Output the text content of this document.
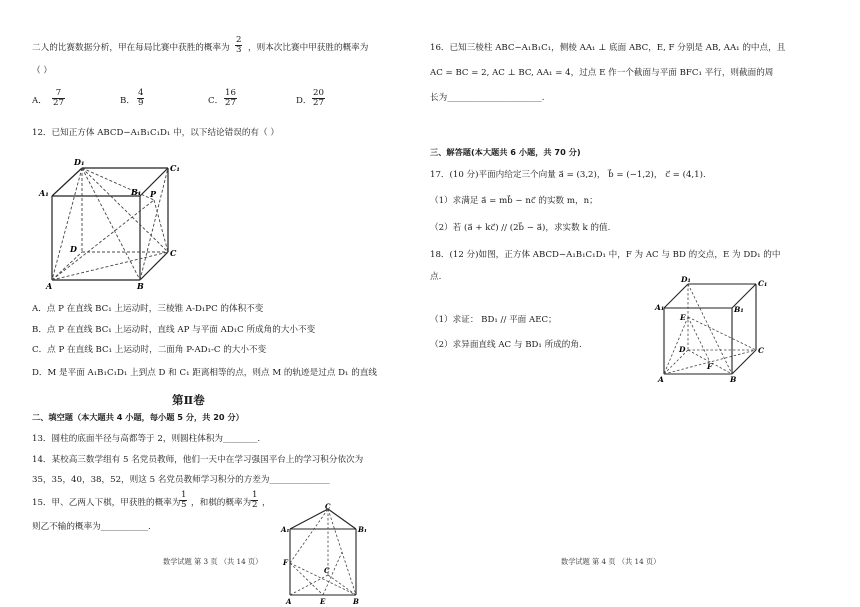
二人的比赛数据分析，甲在每局比赛中获胜的概率为 $\frac{2}{3}$ ，则本次比赛中甲获胜的概率为
（ ）
A． $\frac{7}{27}$	B． $\frac{4}{9}$	C． $\frac{16}{27}$	D． $\frac{20}{27}$
12．已知正方体 ABCD−A₁B₁C₁D₁ 中，以下结论错误的有（ ）
D₁
C₁
A₁	B₁ P
D	C
A	B
A．点 P 在直线 BC₁ 上运动时，三棱锥 A-D₁PC 的体积不变
B．点 P 在直线 BC₁ 上运动时，直线 AP 与平面 AD₁C 所成角的大小不变
C．点 P 在直线 BC₁ 上运动时，二面角 P-AD₁-C 的大小不变
D．M 是平面 A₁B₁C₁D₁ 上到点 D 和 C₁ 距离相等的点，则点 M 的轨迹是过点 D₁ 的直线
第Ⅱ卷
二、填空题（本大题共 4 小题，每小题 5 分，共 20 分）
13．圆柱的底面半径与高都等于 2，则圆柱体积为________.
14．某校高三数学组有 5 名党员教师，他们一天中在学习强国平台上的学习积分依次为
35，35，40，38，52，则这 5 名党员教师学习积分的方差为______________
15．甲、乙两人下棋，甲获胜的概率为 $\frac{1}{5}$ ，和棋的概率为 $\frac{1}{2}$ ，
则乙不输的概率为___________.
C
A₁	B₁
F
C
A	E	B
数学试题 第 3 页 （共 14 页）
16．已知三棱柱 ABC−A₁B₁C₁，侧棱 AA₁ ⊥ 底面 ABC，E, F 分别是 AB, AA₁ 的中点，且
AC = BC = 2, AC ⊥ BC, AA₁ = 4，过点 E 作一个截面与平面 BFC₁ 平行，则截面的周
长为______________________.
三、解答题(本大题共 6 小题，共 70 分)
17．(10 分)平面内给定三个向量 a⃗ = (3,2)， b⃗ = (−1,2)， c⃗ = (4,1).
（1）求满足 a⃗ = mb⃗ − nc⃗ 的实数 m，n；
（2）若 (a⃗ + kc⃗) // (2b⃗ − a⃗)，求实数 k 的值.
18．(12 分)如图，正方体 ABCD−A₁B₁C₁D₁ 中，F 为 AC 与 BD 的交点，E 为 DD₁ 的中
点.
（1）求证： BD₁ // 平面 AEC；
（2）求异面直线 AC 与 BD₁ 所成的角.
D₁	C₁
A₁	B₁
E
D	C
F
A	B
数学试题 第 4 页 （共 14 页）
